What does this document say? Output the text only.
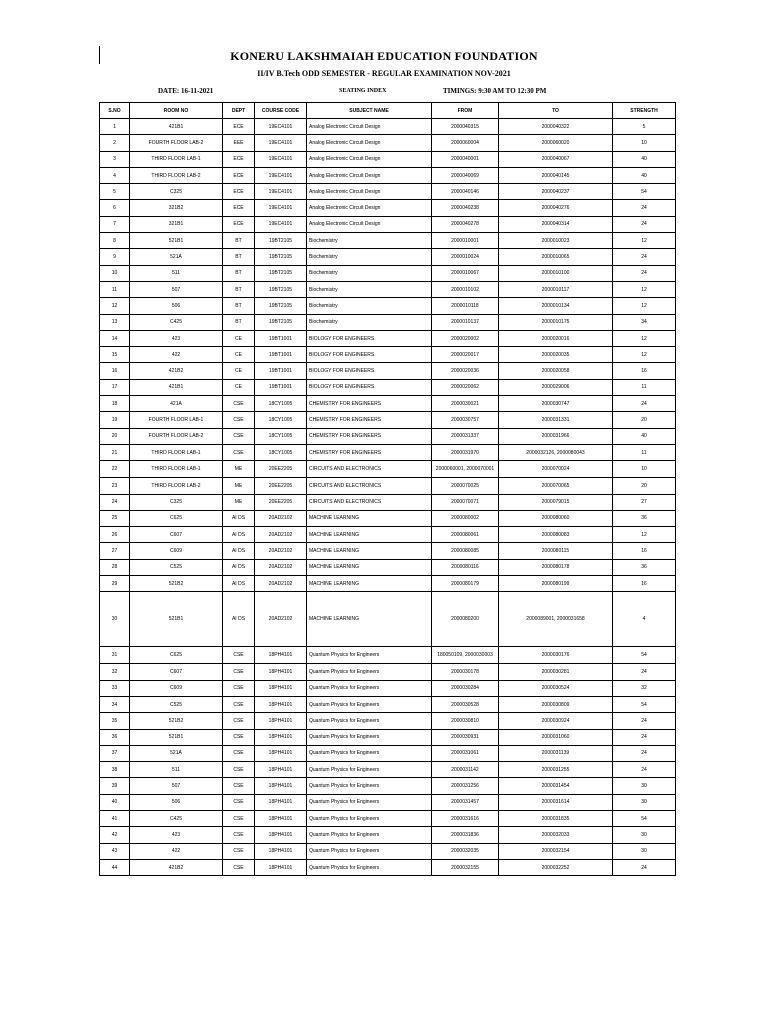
KONERU LAKSHMAIAH EDUCATION FOUNDATION
II/IV B.Tech ODD SEMESTER - REGULAR EXAMINATION NOV-2021
DATE: 16-11-2021	SEATING INDEX	TIMINGS: 9:30 AM TO 12:30 PM
S.NO	ROOM NO	DEPT	COURSE CODE	SUBJECT NAME	FROM	TO	STRENGTH
1	421B1	ECE	19EC4101	Analog Electronic Circuit Design	2000040315	2000040322	5
2	FOURTH FLOOR LAB-2	EEE	19EC4101	Analog Electronic Circuit Design	2000060004	2000060020	10
3	THIRD FLOOR LAB-1	ECE	19EC4101	Analog Electronic Circuit Design	2000040001	2000040067	40
4	THIRD FLOOR LAB-2	ECE	19EC4101	Analog Electronic Circuit Design	2000040069	2000040145	40
5	C325	ECE	19EC4101	Analog Electronic Circuit Design	2000040146	2000040237	54
6	321B2	ECE	19EC4101	Analog Electronic Circuit Design	2000040238	2000040276	24
7	321B1	ECE	19EC4101	Analog Electronic Circuit Design	2000040278	2000040314	24
8	521B1	BT	19BT2105	Biochemistry	2000010001	2000010023	12
9	521A	BT	19BT2105	Biochemistry	2000010024	2000010065	24
10	511	BT	19BT2105	Biochemistry	2000010067	2000010100	24
11	507	BT	19BT2105	Biochemistry	2000010102	2000010117	12
12	506	BT	19BT2105	Biochemistry	2000010118	2000010134	12
13	C425	BT	19BT2105	Biochemistry	2000010137	2000010175	34
14	423	CE	19BT1001	BIOLOGY FOR ENGINEERS	2000020002	2000020016	12
15	422	CE	19BT1001	BIOLOGY FOR ENGINEERS	2000020017	2000020035	12
16	421B2	CE	19BT1001	BIOLOGY FOR ENGINEERS	2000020036	2000020058	16
17	421B1	CE	19BT1001	BIOLOGY FOR ENGINEERS	2000020062	2000029006	11
18	421A	CSE	18CY1005	CHEMISTRY FOR ENGINEERS	2000030021	2000030747	24
19	FOURTH FLOOR LAB-1	CSE	18CY1005	CHEMISTRY FOR ENGINEERS	2000030757	2000031331	20
20	FOURTH FLOOR LAB-2	CSE	18CY1005	CHEMISTRY FOR ENGINEERS	2000031337	2000031966	40
21	THIRD FLOOR LAB-1	CSE	18CY1005	CHEMISTRY FOR ENGINEERS	2000031970	2000032126, 2000080043	11
22	THIRD FLOOR LAB-1	ME	20EE2205	CIRCUITS AND ELECTRONICS	2000060001, 2000070001	2000070024	10
23	THIRD FLOOR LAB-2	ME	20EE2205	CIRCUITS AND ELECTRONICS	2000070025	2000070065	20
24	C325	ME	20EE2205	CIRCUITS AND ELECTRONICS	2000070071	2000079015	27
25	C625	AI DS	20AD2102	MACHINE LEARNING	2000080002	2000080060	36
26	C607	AI DS	20AD2102	MACHINE LEARNING	2000080061	2000080083	12
27	C609	AI DS	20AD2102	MACHINE LEARNING	2000080085	2000080115	16
28	C525	AI DS	20AD2102	MACHINE LEARNING	2000080116	2000080178	36
29	521B2	AI DS	20AD2102	MACHINE LEARNING	2000080179	2000080199	16
30	521B1	AI DS	20AD2102	MACHINE LEARNING	2000080200	2000089001, 2000031658	4
31	C625	CSE	18PH4101	Quantum Physics for Engineers	180050109, 2000030003	2000030176	54
32	C607	CSE	18PH4101	Quantum Physics for Engineers	2000030178	2000030281	24
33	C609	CSE	18PH4101	Quantum Physics for Engineers	2000030284	2000030524	32
34	C525	CSE	18PH4101	Quantum Physics for Engineers	2000030528	2000030809	54
35	521B2	CSE	18PH4101	Quantum Physics for Engineers	2000030810	2000030924	24
36	521B1	CSE	18PH4101	Quantum Physics for Engineers	2000030931	2000031060	24
37	521A	CSE	18PH4101	Quantum Physics for Engineers	2000031061	2000031139	24
38	511	CSE	18PH4101	Quantum Physics for Engineers	2000031142	2000031255	24
39	507	CSE	18PH4101	Quantum Physics for Engineers	2000031256	2000031454	30
40	506	CSE	18PH4101	Quantum Physics for Engineers	2000031457	2000031614	30
41	C425	CSE	18PH4101	Quantum Physics for Engineers	2000031616	2000031835	54
42	423	CSE	18PH4101	Quantum Physics for Engineers	2000031836	2000032033	30
43	422	CSE	18PH4101	Quantum Physics for Engineers	2000032035	2000032154	30
44	421B2	CSE	18PH4101	Quantum Physics for Engineers	2000032155	2000032252	24
